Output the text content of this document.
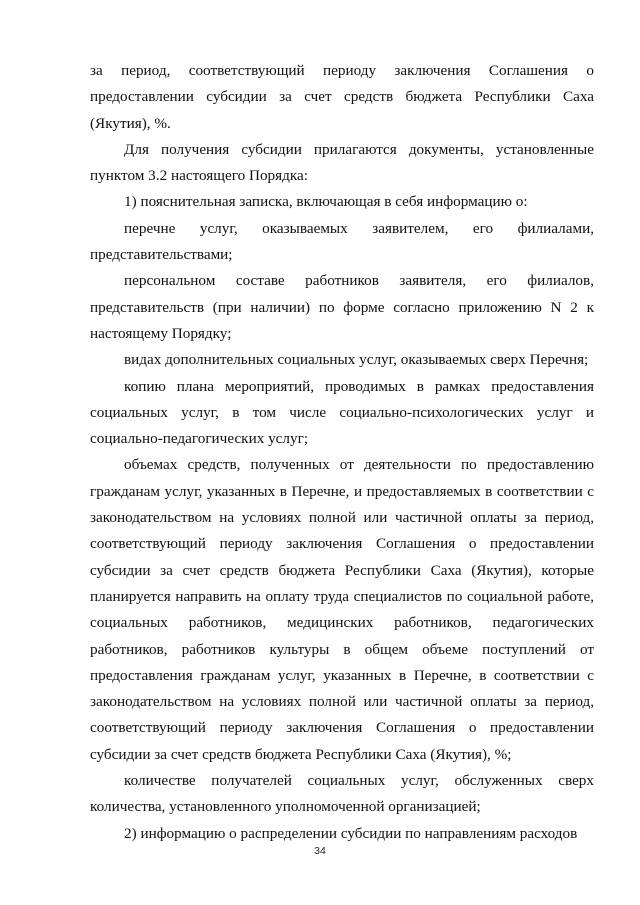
за период, соответствующий периоду заключения Соглашения о предоставлении субсидии за счет средств бюджета Республики Саха (Якутия), %.

Для получения субсидии прилагаются документы, установленные пунктом 3.2 настоящего Порядка:

1) пояснительная записка, включающая в себя информацию о:

перечне услуг, оказываемых заявителем, его филиалами, представительствами;

персональном составе работников заявителя, его филиалов, представительств (при наличии) по форме согласно приложению N 2 к настоящему Порядку;

видах дополнительных социальных услуг, оказываемых сверх Перечня;

копию плана мероприятий, проводимых в рамках предоставления социальных услуг, в том числе социально-психологических услуг и социально-педагогических услуг;

объемах средств, полученных от деятельности по предоставлению гражданам услуг, указанных в Перечне, и предоставляемых в соответствии с законодательством на условиях полной или частичной оплаты за период, соответствующий периоду заключения Соглашения о предоставлении субсидии за счет средств бюджета Республики Саха (Якутия), которые планируется направить на оплату труда специалистов по социальной работе, социальных работников, медицинских работников, педагогических работников, работников культуры в общем объеме поступлений от предоставления гражданам услуг, указанных в Перечне, в соответствии с законодательством на условиях полной или частичной оплаты за период, соответствующий периоду заключения Соглашения о предоставлении субсидии за счет средств бюджета Республики Саха (Якутия), %;

количестве получателей социальных услуг, обслуженных сверх количества, установленного уполномоченной организацией;

2) информацию о распределении субсидии по направлениям расходов

34
